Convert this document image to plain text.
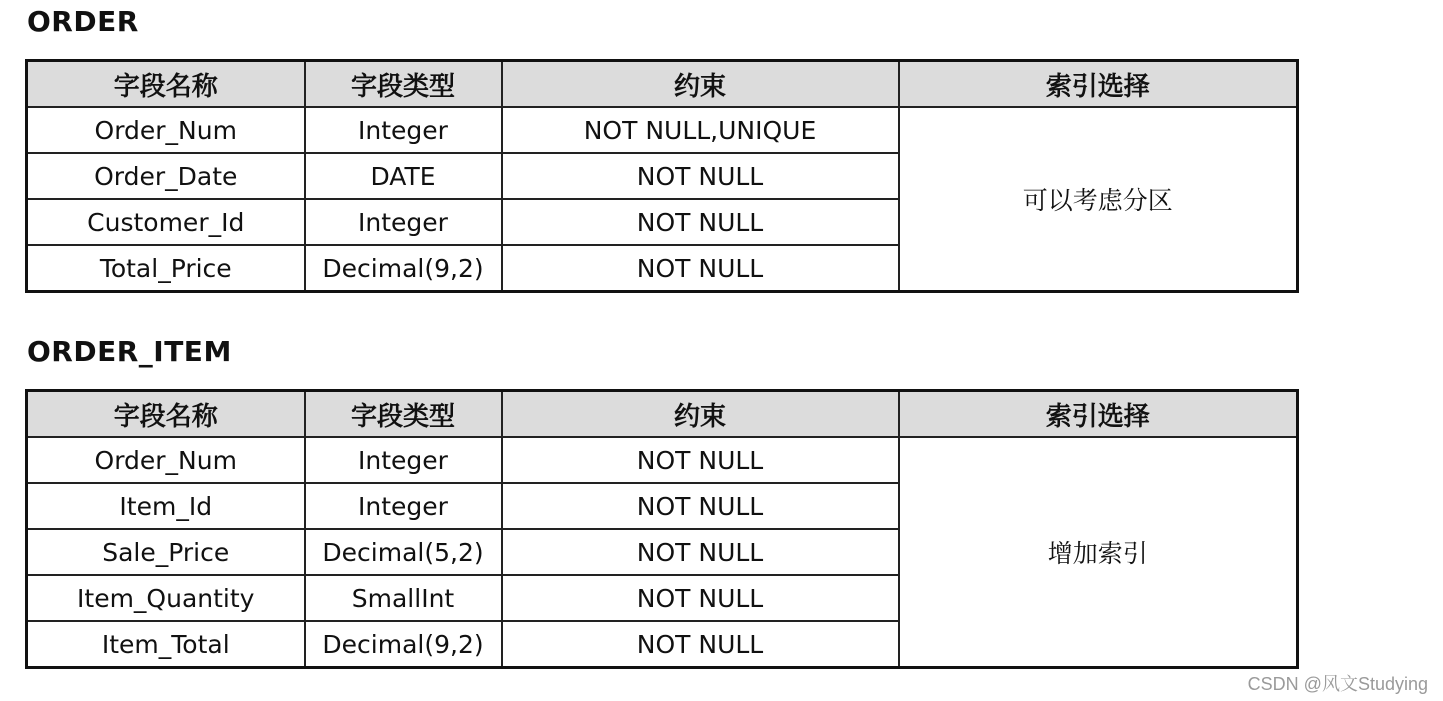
ORDER
字段名称	字段类型	约束	索引选择
Order_Num	Integer	NOT NULL,UNIQUE	可以考虑分区
Order_Date	DATE	NOT NULL	
Customer_Id	Integer	NOT NULL	
Total_Price	Decimal(9,2)	NOT NULL	
ORDER_ITEM
字段名称	字段类型	约束	索引选择
Order_Num	Integer	NOT NULL	增加索引
Item_Id	Integer	NOT NULL	
Sale_Price	Decimal(5,2)	NOT NULL	
Item_Quantity	SmallInt	NOT NULL	
Item_Total	Decimal(9,2)	NOT NULL	
CSDN @风文Studying
